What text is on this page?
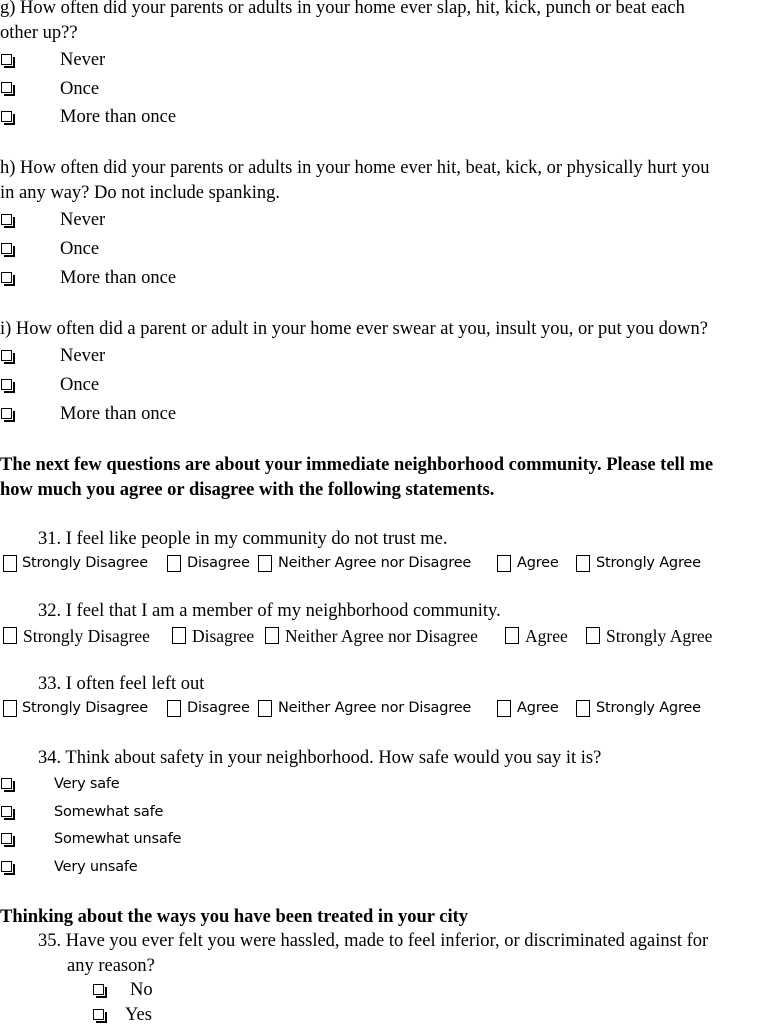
g) How often did your parents or adults in your home ever slap, hit, kick, punch or beat each
other up??
Never
Once
More than once
h) How often did your parents or adults in your home ever hit, beat, kick, or physically hurt you
in any way? Do not include spanking.
Never
Once
More than once
i) How often did a parent or adult in your home ever swear at you, insult you, or put you down?
Never
Once
More than once
The next few questions are about your immediate neighborhood community. Please tell me
how much you agree or disagree with the following statements.
31. I feel like people in my community do not trust me.
Strongly Disagree	Disagree Neither Agree nor Disagree	Agree	Strongly Agree
32. I feel that I am a member of my neighborhood community.
Strongly Disagree Disagree Neither Agree nor Disagree	Agree Strongly Agree
33. I often feel left out
Strongly Disagree	Disagree Neither Agree nor Disagree	Agree	Strongly Agree
34. Think about safety in your neighborhood. How safe would you say it is?
Very safe
Somewhat safe
Somewhat unsafe
Very unsafe
Thinking about the ways you have been treated in your city
35. Have you ever felt you were hassled, made to feel inferior, or discriminated against for
any reason?
No
Yes
